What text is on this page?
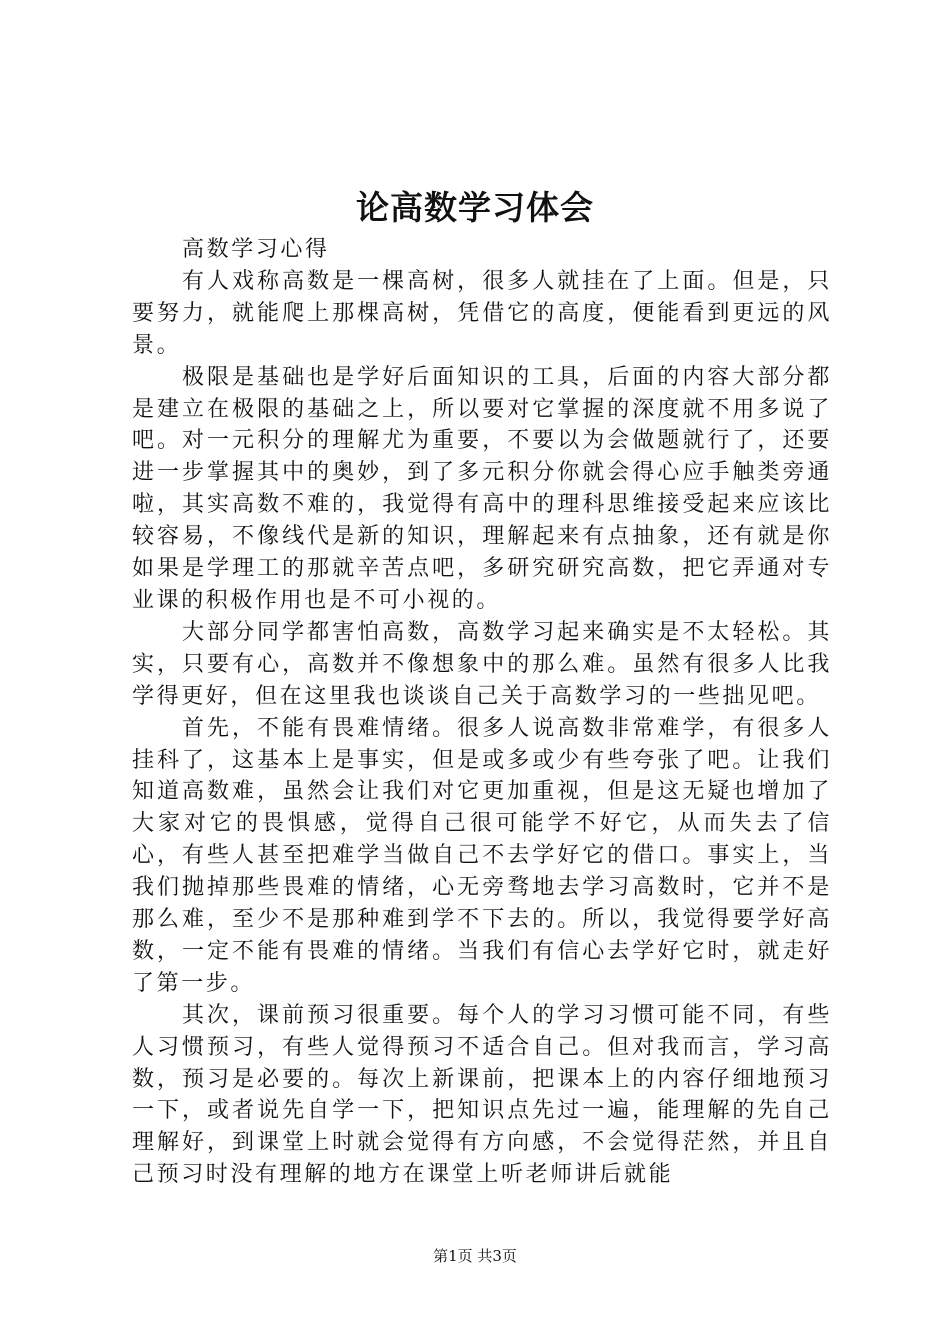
论高数学习体会

高数学习心得

有人戏称高数是一棵高树，很多人就挂在了上面。但是，只要努力，就能爬上那棵高树，凭借它的高度，便能看到更远的风景。

极限是基础也是学好后面知识的工具，后面的内容大部分都是建立在极限的基础之上，所以要对它掌握的深度就不用多说了吧。对一元积分的理解尤为重要，不要以为会做题就行了，还要进一步掌握其中的奥妙，到了多元积分你就会得心应手触类旁通啦，其实高数不难的，我觉得有高中的理科思维接受起来应该比较容易，不像线代是新的知识，理解起来有点抽象，还有就是你如果是学理工的那就辛苦点吧，多研究研究高数，把它弄通对专业课的积极作用也是不可小视的。

大部分同学都害怕高数，高数学习起来确实是不太轻松。其实，只要有心，高数并不像想象中的那么难。虽然有很多人比我学得更好，但在这里我也谈谈自己关于高数学习的一些拙见吧。

首先，不能有畏难情绪。很多人说高数非常难学，有很多人挂科了，这基本上是事实，但是或多或少有些夸张了吧。让我们知道高数难，虽然会让我们对它更加重视，但是这无疑也增加了大家对它的畏惧感，觉得自己很可能学不好它，从而失去了信心，有些人甚至把难学当做自己不去学好它的借口。事实上，当我们抛掉那些畏难的情绪，心无旁骛地去学习高数时，它并不是那么难，至少不是那种难到学不下去的。所以，我觉得要学好高数，一定不能有畏难的情绪。当我们有信心去学好它时，就走好了第一步。

其次，课前预习很重要。每个人的学习习惯可能不同，有些人习惯预习，有些人觉得预习不适合自己。但对我而言，学习高数，预习是必要的。每次上新课前，把课本上的内容仔细地预习一下，或者说先自学一下，把知识点先过一遍，能理解的先自己理解好，到课堂上时就会觉得有方向感，不会觉得茫然，并且自己预习时没有理解的地方在课堂上听老师讲后就能

第1页 共3页
